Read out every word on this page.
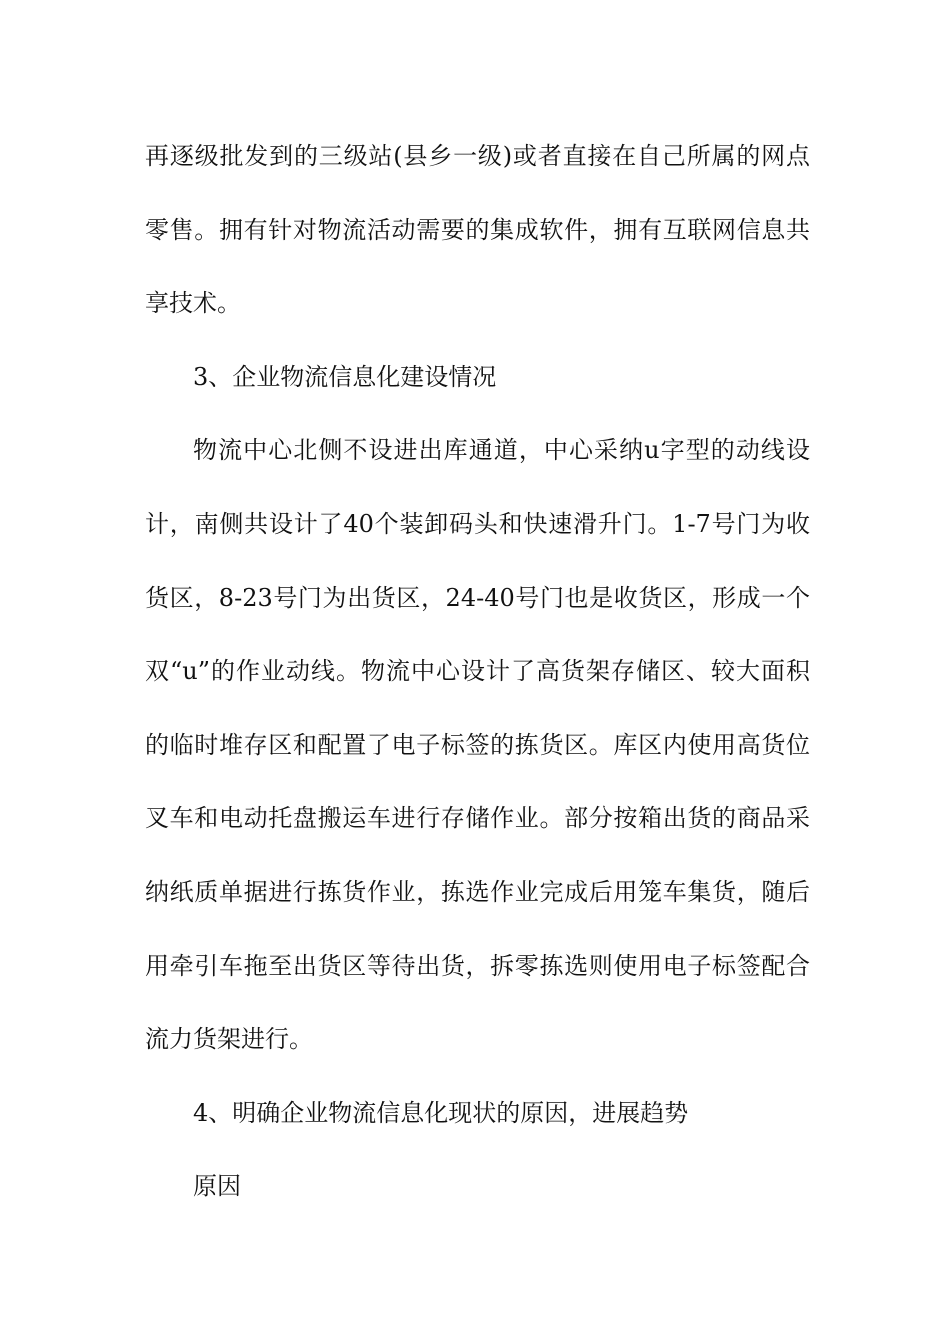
再逐级批发到的三级站(县乡一级)或者直接在自己所属的网点
零售。拥有针对物流活动需要的集成软件，拥有互联网信息共
享技术。
3、企业物流信息化建设情况
物流中心北侧不设进出库通道，中心采纳u字型的动线设
计，南侧共设计了40个装卸码头和快速滑升门。1-7号门为收
货区，8-23号门为出货区，24-40号门也是收货区，形成一个
双“u”的作业动线。物流中心设计了高货架存储区、较大面积
的临时堆存区和配置了电子标签的拣货区。库区内使用高货位
叉车和电动托盘搬运车进行存储作业。部分按箱出货的商品采
纳纸质单据进行拣货作业，拣选作业完成后用笼车集货，随后
用牵引车拖至出货区等待出货，拆零拣选则使用电子标签配合
流力货架进行。
4、明确企业物流信息化现状的原因，进展趋势
原因
